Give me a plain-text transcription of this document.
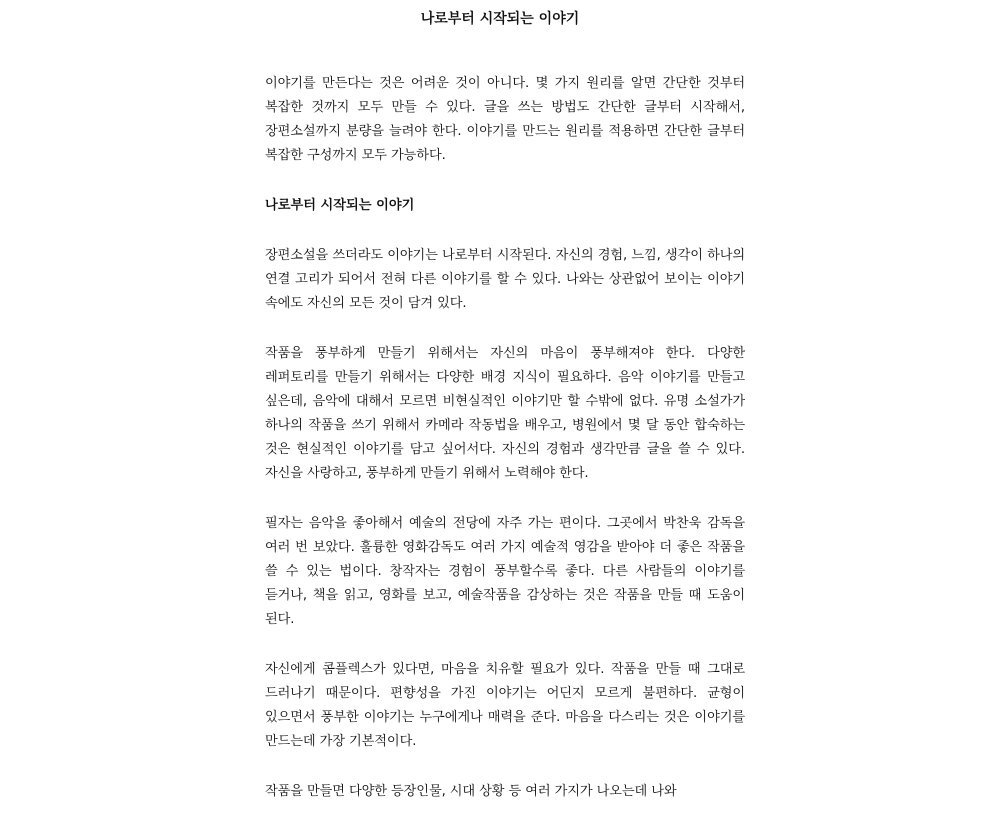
나로부터 시작되는 이야기

이야기를 만든다는 것은 어려운 것이 아니다. 몇 가지 원리를 알면 간단한 것부터 복잡한 것까지 모두 만들 수 있다. 글을 쓰는 방법도 간단한 글부터 시작해서, 장편소설까지 분량을 늘려야 한다. 이야기를 만드는 원리를 적용하면 간단한 글부터 복잡한 구성까지 모두 가능하다.

나로부터 시작되는 이야기

장편소설을 쓰더라도 이야기는 나로부터 시작된다. 자신의 경험, 느낌, 생각이 하나의 연결 고리가 되어서 전혀 다른 이야기를 할 수 있다. 나와는 상관없어 보이는 이야기 속에도 자신의 모든 것이 담겨 있다.

작품을 풍부하게 만들기 위해서는 자신의 마음이 풍부해져야 한다. 다양한 레퍼토리를 만들기 위해서는 다양한 배경 지식이 필요하다. 음악 이야기를 만들고 싶은데, 음악에 대해서 모르면 비현실적인 이야기만 할 수밖에 없다. 유명 소설가가 하나의 작품을 쓰기 위해서 카메라 작동법을 배우고, 병원에서 몇 달 동안 합숙하는 것은 현실적인 이야기를 담고 싶어서다. 자신의 경험과 생각만큼 글을 쓸 수 있다. 자신을 사랑하고, 풍부하게 만들기 위해서 노력해야 한다.

필자는 음악을 좋아해서 예술의 전당에 자주 가는 편이다. 그곳에서 박찬욱 감독을 여러 번 보았다. 훌륭한 영화감독도 여러 가지 예술적 영감을 받아야 더 좋은 작품을 쓸 수 있는 법이다. 창작자는 경험이 풍부할수록 좋다. 다른 사람들의 이야기를 듣거나, 책을 읽고, 영화를 보고, 예술작품을 감상하는 것은 작품을 만들 때 도움이 된다.

자신에게 콤플렉스가 있다면, 마음을 치유할 필요가 있다. 작품을 만들 때 그대로 드러나기 때문이다. 편향성을 가진 이야기는 어딘지 모르게 불편하다. 균형이 있으면서 풍부한 이야기는 누구에게나 매력을 준다. 마음을 다스리는 것은 이야기를 만드는데 가장 기본적이다.

작품을 만들면 다양한 등장인물, 시대 상황 등 여러 가지가 나오는데 나와
